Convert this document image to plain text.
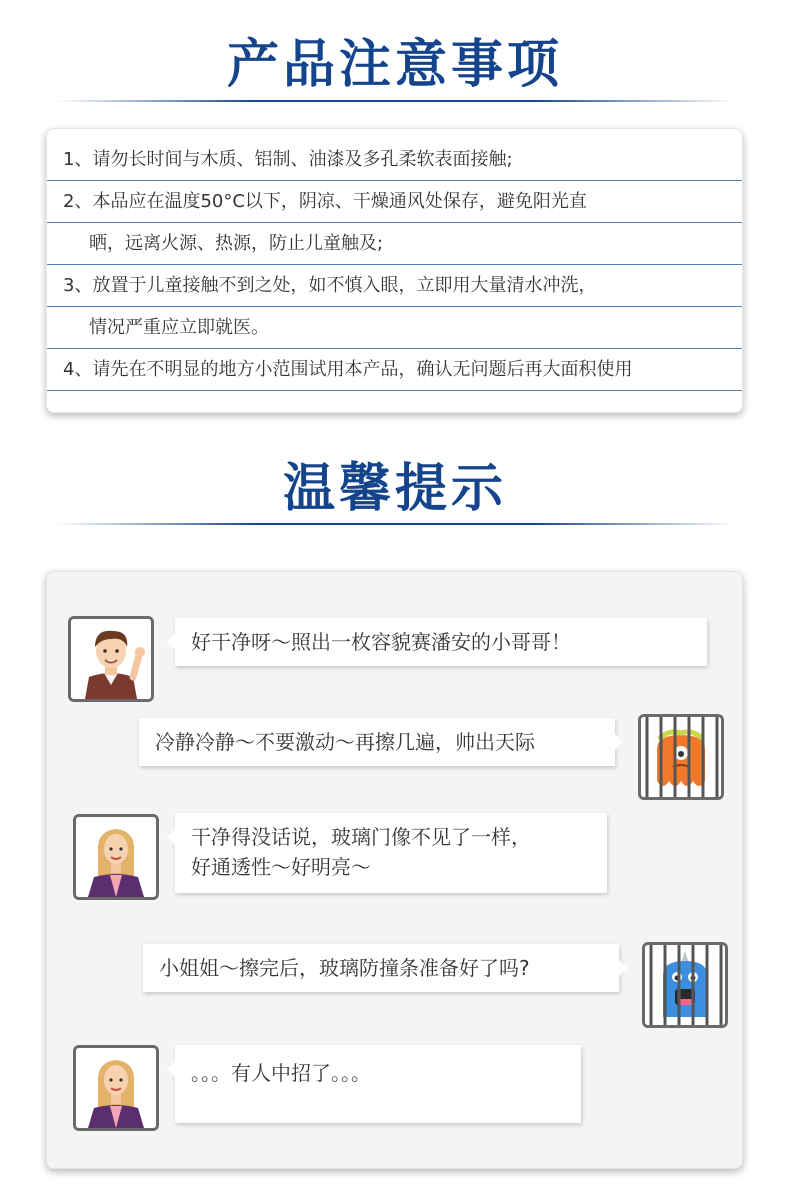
产品注意事项
1、请勿长时间与木质、铝制、油漆及多孔柔软表面接触;
2、本品应在温度50°C以下，阴凉、干燥通风处保存，避免阳光直
晒，远离火源、热源，防止儿童触及;
3、放置于儿童接触不到之处，如不慎入眼，立即用大量清水冲洗，
情况严重应立即就医。
4、请先在不明显的地方小范围试用本产品，确认无问题后再大面积使用
温馨提示
好干净呀～照出一枚容貌赛潘安的小哥哥！
冷静冷静～不要激动～再擦几遍，帅出天际
干净得没话说，玻璃门像不见了一样，
好通透性～好明亮～
小姐姐～擦完后，玻璃防撞条准备好了吗?
。。。有人中招了。。。
